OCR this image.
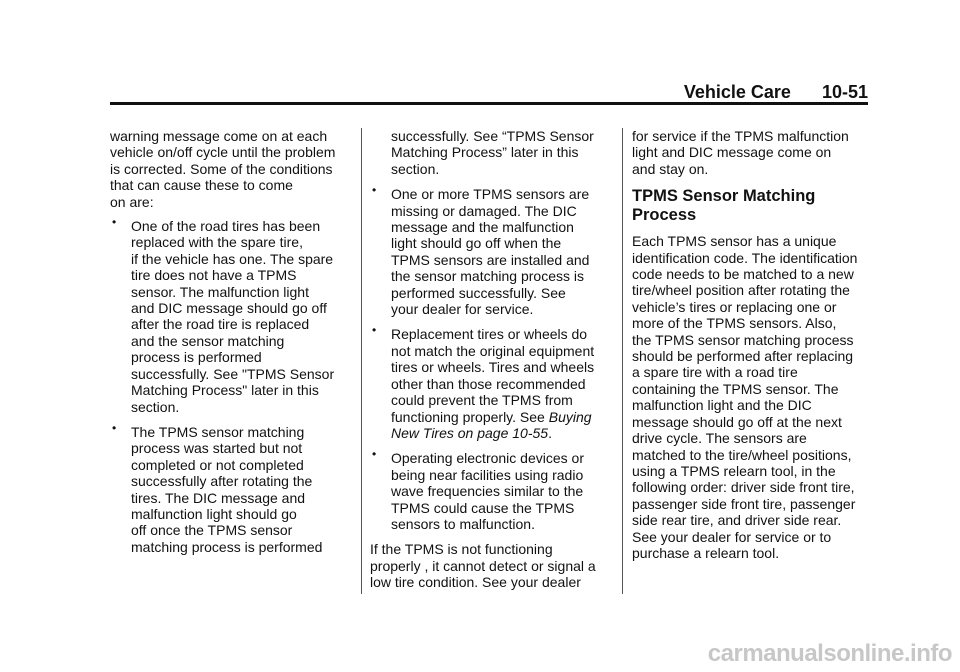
Vehicle Care 10-51
warning message come on at each
vehicle on/off cycle until the problem
is corrected. Some of the conditions
that can cause these to come
on are:
• One of the road tires has been
replaced with the spare tire,
if the vehicle has one. The spare
tire does not have a TPMS
sensor. The malfunction light
and DIC message should go off
after the road tire is replaced
and the sensor matching
process is performed
successfully. See "TPMS Sensor
Matching Process" later in this
section.
• The TPMS sensor matching
process was started but not
completed or not completed
successfully after rotating the
tires. The DIC message and
malfunction light should go
off once the TPMS sensor
matching process is performed
successfully. See “TPMS Sensor
Matching Process” later in this
section.
• One or more TPMS sensors are
missing or damaged. The DIC
message and the malfunction
light should go off when the
TPMS sensors are installed and
the sensor matching process is
performed successfully. See
your dealer for service.
• Replacement tires or wheels do
not match the original equipment
tires or wheels. Tires and wheels
other than those recommended
could prevent the TPMS from
functioning properly. See Buying
New Tires on page 10-55.
• Operating electronic devices or
being near facilities using radio
wave frequencies similar to the
TPMS could cause the TPMS
sensors to malfunction.
If the TPMS is not functioning
properly , it cannot detect or signal a
low tire condition. See your dealer
for service if the TPMS malfunction
light and DIC message come on
and stay on.
TPMS Sensor Matching
Process
Each TPMS sensor has a unique
identification code. The identification
code needs to be matched to a new
tire/wheel position after rotating the
vehicle’s tires or replacing one or
more of the TPMS sensors. Also,
the TPMS sensor matching process
should be performed after replacing
a spare tire with a road tire
containing the TPMS sensor. The
malfunction light and the DIC
message should go off at the next
drive cycle. The sensors are
matched to the tire/wheel positions,
using a TPMS relearn tool, in the
following order: driver side front tire,
passenger side front tire, passenger
side rear tire, and driver side rear.
See your dealer for service or to
purchase a relearn tool.
carmanualsonline.info
